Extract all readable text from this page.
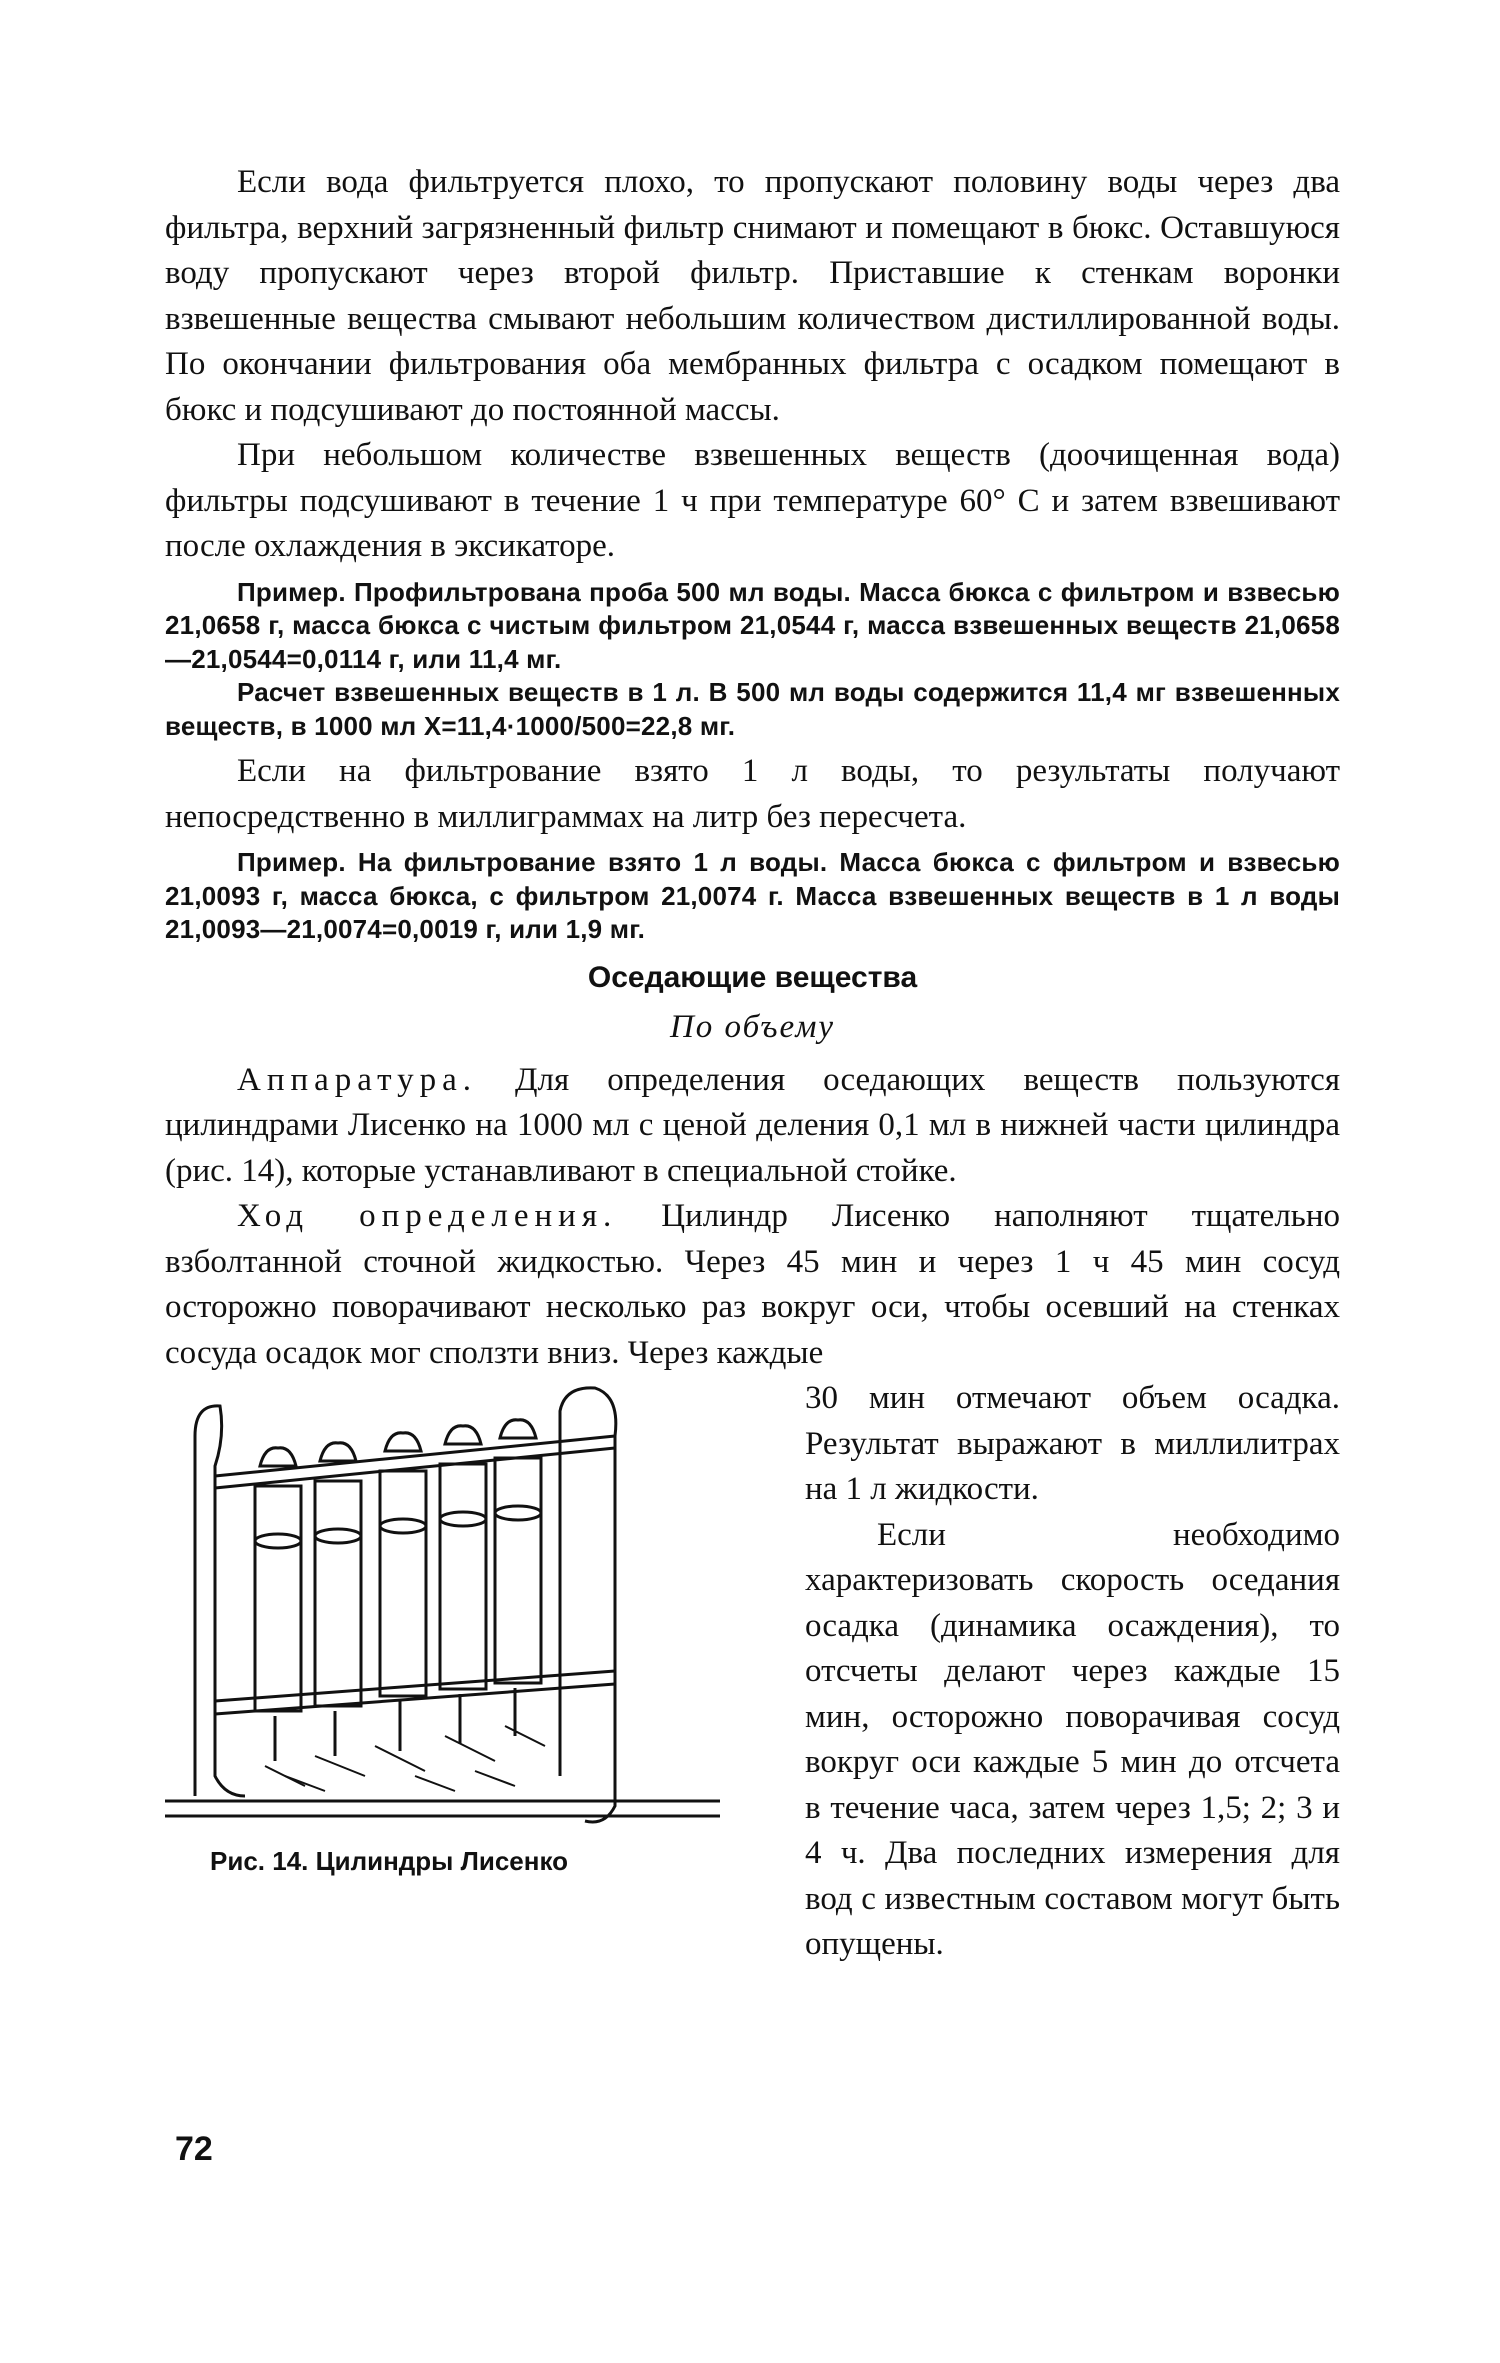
Если вода фильтруется плохо, то пропускают половину воды через два фильтра, верхний загрязненный фильтр снимают и помещают в бюкс. Оставшуюся воду пропускают через второй фильтр. Приставшие к стенкам воронки взвешенные вещества смывают небольшим количеством дистиллированной воды. По окончании фильтрования оба мембранных фильтра с осадком помещают в бюкс и подсушивают до постоянной массы.

При небольшом количестве взвешенных веществ (доочищенная вода) фильтры подсушивают в течение 1 ч при температуре 60° С и затем взвешивают после охлаждения в эксикаторе.

Пример. Профильтрована проба 500 мл воды. Масса бюкса с фильтром и взвесью 21,0658 г, масса бюкса с чистым фильтром 21,0544 г, масса взвешенных веществ 21,0658—21,0544=0,0114 г, или 11,4 мг.

Расчет взвешенных веществ в 1 л. В 500 мл воды содержится 11,4 мг взвешенных веществ, в 1000 мл X=11,4·1000/500=22,8 мг.

Если на фильтрование взято 1 л воды, то результаты получают непосредственно в миллиграммах на литр без пересчета.

Пример. На фильтрование взято 1 л воды. Масса бюкса с фильтром и взвесью 21,0093 г, масса бюкса, с фильтром 21,0074 г. Масса взвешенных веществ в 1 л воды 21,0093—21,0074=0,0019 г, или 1,9 мг.

Оседающие вещества
По объему

Аппаратура. Для определения оседающих веществ пользуются цилиндрами Лисенко на 1000 мл с ценой деления 0,1 мл в нижней части цилиндра (рис. 14), которые устанавливают в специальной стойке.

Ход определения. Цилиндр Лисенко наполняют тщательно взболтанной сточной жидкостью. Через 45 мин и через 1 ч 45 мин сосуд осторожно поворачивают несколько раз вокруг оси, чтобы осевший на стенках сосуда осадок мог сползти вниз. Через каждые

Рис. 14. Цилиндры Лисенко

30 мин отмечают объем осадка. Результат выражают в миллилитрах на 1 л жидкости.

Если необходимо характеризовать скорость оседания осадка (динамика осаждения), то отсчеты делают через каждые 15 мин, осторожно поворачивая сосуд вокруг оси каждые 5 мин до отсчета в течение часа, затем через 1,5; 2; 3 и 4 ч. Два последних измерения для вод с известным составом могут быть опущены.

72
